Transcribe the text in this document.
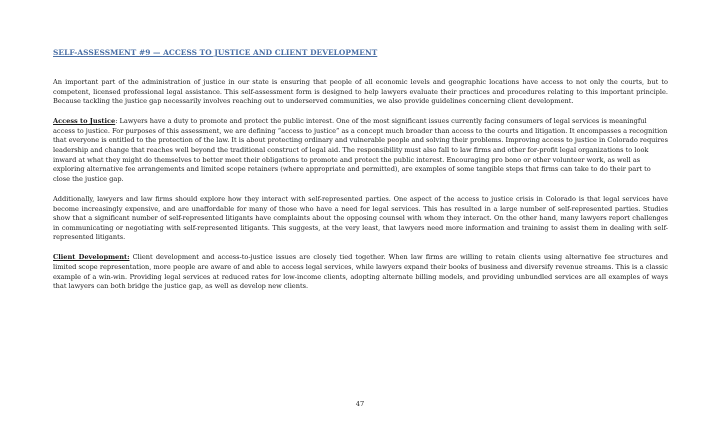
SELF-ASSESSMENT #9 — ACCESS TO JUSTICE AND CLIENT DEVELOPMENT

An important part of the administration of justice in our state is ensuring that people of all economic levels and geographic locations have access to not only the courts, but to competent, licensed professional legal assistance. This self-assessment form is designed to help lawyers evaluate their practices and procedures relating to this important principle. Because tackling the justice gap necessarily involves reaching out to underserved communities, we also provide guidelines concerning client development.

Access to Justice: Lawyers have a duty to promote and protect the public interest. One of the most significant issues currently facing consumers of legal services is meaningful access to justice. For purposes of this assessment, we are defining “access to justice” as a concept much broader than access to the courts and litigation. It encompasses a recognition that everyone is entitled to the protection of the law. It is about protecting ordinary and vulnerable people and solving their problems. Improving access to justice in Colorado requires leadership and change that reaches well beyond the traditional construct of legal aid. The responsibility must also fall to law firms and other for-profit legal organizations to look inward at what they might do themselves to better meet their obligations to promote and protect the public interest. Encouraging pro bono or other volunteer work, as well as exploring alternative fee arrangements and limited scope retainers (where appropriate and permitted), are examples of some tangible steps that firms can take to do their part to close the justice gap.

Additionally, lawyers and law firms should explore how they interact with self-represented parties. One aspect of the access to justice crisis in Colorado is that legal services have become increasingly expensive, and are unaffordable for many of those who have a need for legal services. This has resulted in a large number of self-represented parties. Studies show that a significant number of self-represented litigants have complaints about the opposing counsel with whom they interact. On the other hand, many lawyers report challenges in communicating or negotiating with self-represented litigants. This suggests, at the very least, that lawyers need more information and training to assist them in dealing with self-represented litigants.

Client Development: Client development and access-to-justice issues are closely tied together. When law firms are willing to retain clients using alternative fee structures and limited scope representation, more people are aware of and able to access legal services, while lawyers expand their books of business and diversify revenue streams. This is a classic example of a win-win. Providing legal services at reduced rates for low-income clients, adopting alternate billing models, and providing unbundled services are all examples of ways that lawyers can both bridge the justice gap, as well as develop new clients.

47
